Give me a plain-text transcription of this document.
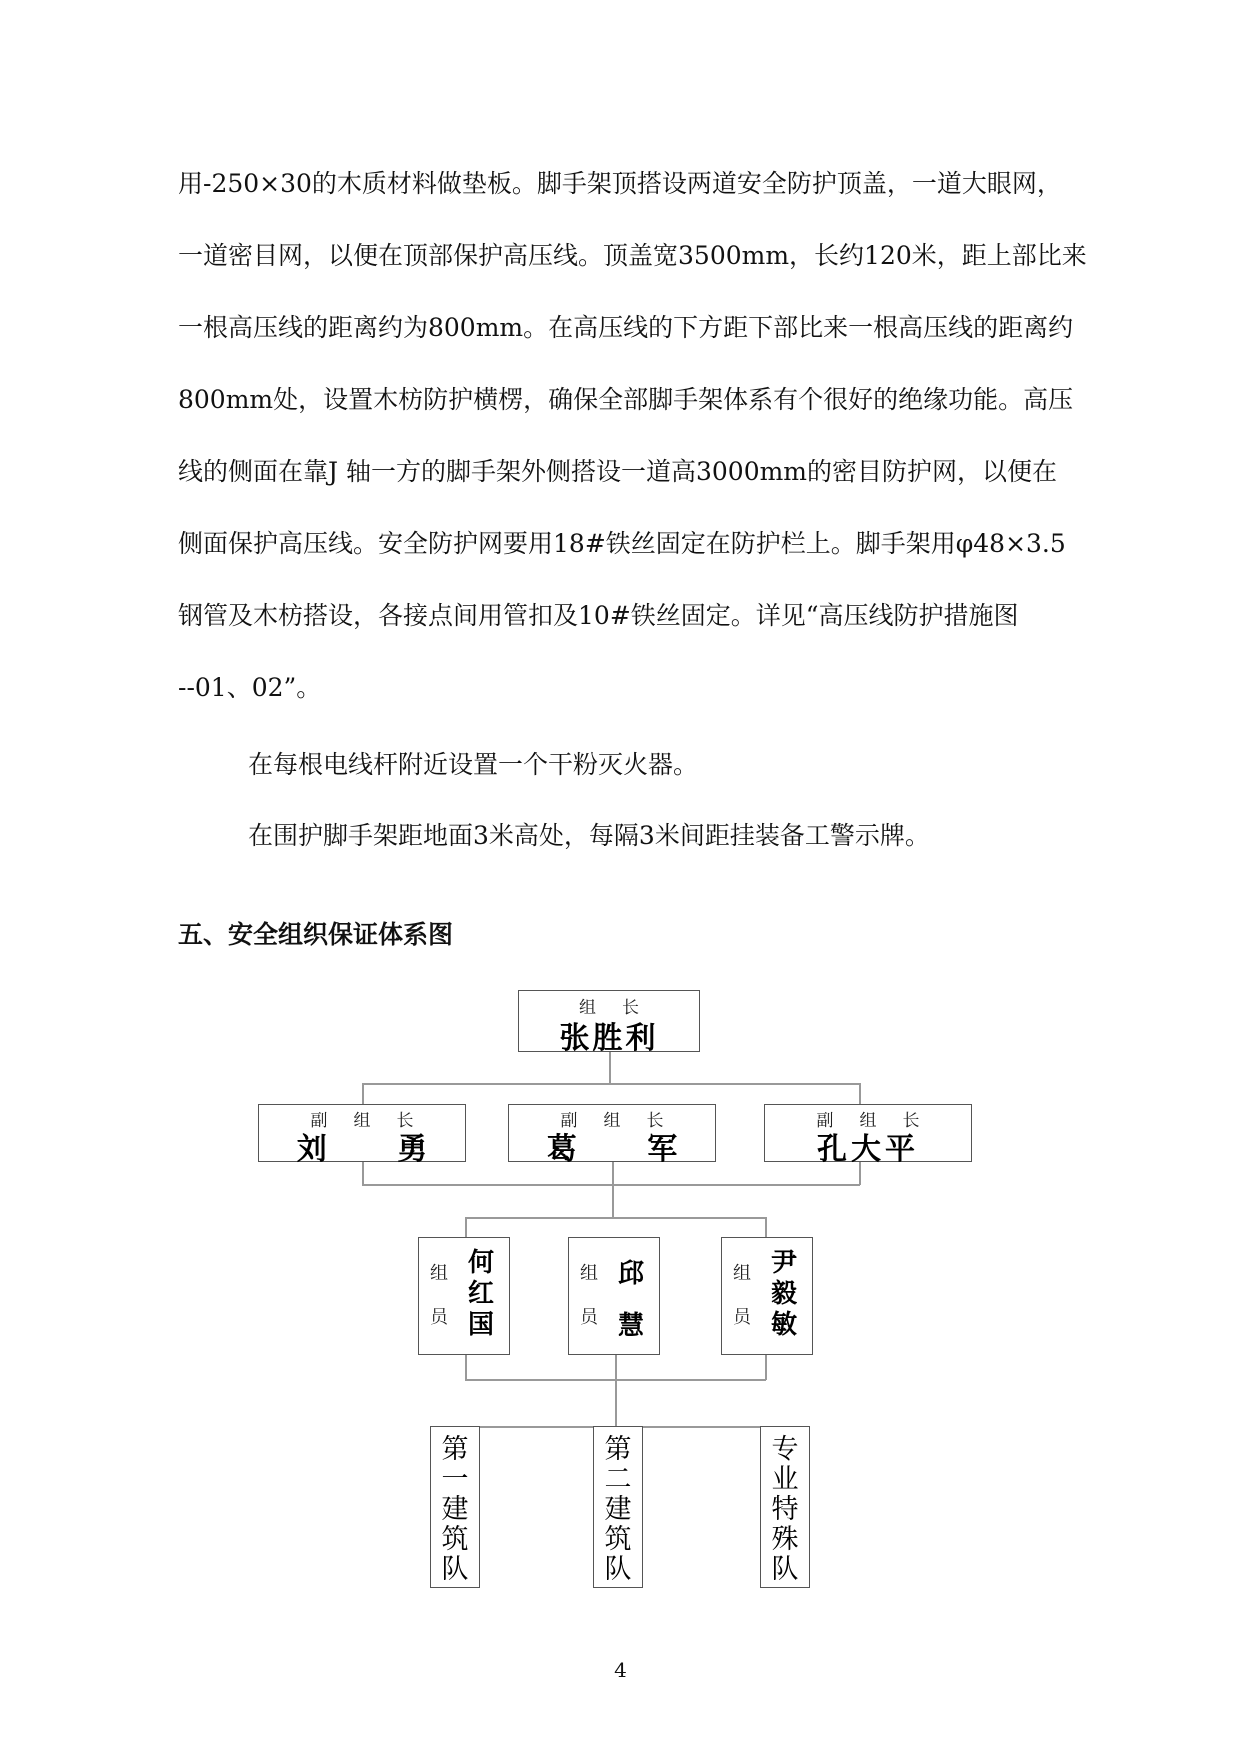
用-250×30的木质材料做垫板。脚手架顶搭设两道安全防护顶盖，一道大眼网，
一道密目网，以便在顶部保护高压线。顶盖宽3500mm，长约120米，距上部比来
一根高压线的距离约为800mm。在高压线的下方距下部比来一根高压线的距离约
800mm处，设置木枋防护横楞，确保全部脚手架体系有个很好的绝缘功能。高压
线的侧面在靠J 轴一方的脚手架外侧搭设一道高3000mm的密目防护网，以便在
侧面保护高压线。安全防护网要用18#铁丝固定在防护栏上。脚手架用φ48×3.5
钢管及木枋搭设，各接点间用管扣及10#铁丝固定。详见“高压线防护措施图
--01、02”。

在每根电线杆附近设置一个干粉灭火器。

在围护脚手架距地面3米高处，每隔3米间距挂装备工警示牌。

五、安全组织保证体系图
组长
张胜利
副组长
刘 勇
副组长
葛 军
副组长
孔大平
组
员
何
红
国
组
员
邱
慧
组
员
尹
毅
敏
第
一
建
筑
队
第
二
建
筑
队
专
业
特
殊
队

4
